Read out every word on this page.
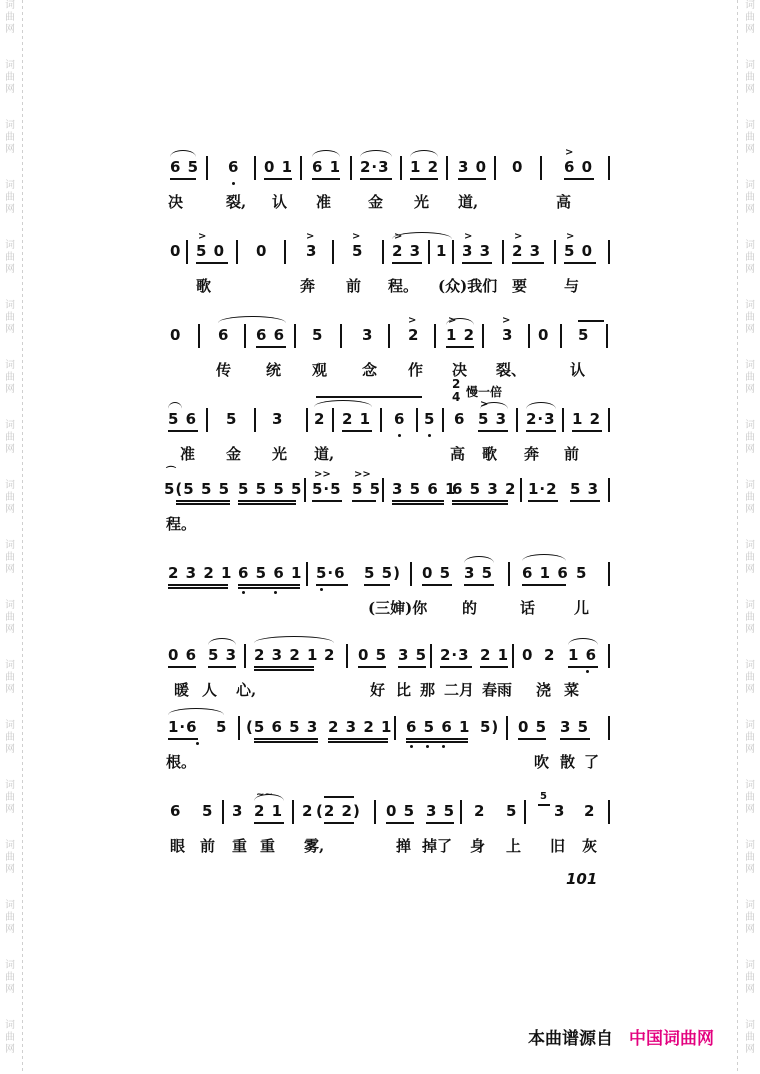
词
曲
网
词
曲
网
词
曲
网
词
曲
网
词
曲
网
词
曲
网
词
曲
网
词
曲
网
词
曲
网
词
曲
网
词
曲
网
词
曲
网
词
曲
网
词
曲
网
词
曲
网
词
曲
网
词
曲
网
词
曲
网
词
曲
网
词
曲
网
词
曲
网
词
曲
网
词
曲
网
词
曲
网
词
曲
网
词
曲
网
词
曲
网
词
曲
网
词
曲
网
词
曲
网
词
曲
网
词
曲
网
词
曲
网
词
曲
网
词
曲
网
词
曲
网
6 5 6 0 1 6 1 2·3 1 2 3 0 0	6 0
>
决	裂, 认 准 金 光 道,	高
0 5 0 0	3 5 2 3 1 3 3 2 3 5 0
>	>	>	>	>	>	>
歌	奔 前 程。 (众)我们 要 与
0 6 6 6 5	3 2 1 2 3 0 5
>	>	>
传 统 观 念 作 决 裂、	认
2
4 慢一倍
5 6 5 3 2 2 1 6 5 6 5 3 2·3 1 2
>
准 金 光 道,	高 歌 奔 前
5(5 5 5 5 5 5 5 5·5 5 5 3 5 6 1
6 5 3 2 1·2 5 3
⌒	>> >>
程。
2 3 2 1 6 5 6 1 5·6 5 5) 0 5 3 5 6 1 6 5
(三婶)你 的	话	儿
0 6 5 3 2 3 2 1 2 0 5 3 5 2·3 2 1 0 2 1 6
暖 人 心,	好 比 那 二月 春雨 浇 菜
1·6 5 (5 6 5 3 2 3 2 1 6 5 6 1 5) 0 5 3 5
根。	吹 散 了
6 5 3 2 1 2 (2 2) 0 5 3 5 2 5 3 2
~~	5
眼 前 重 重 雾,	掸 掉了 身 上 旧 灰
101
本曲谱源自 中国词曲网
